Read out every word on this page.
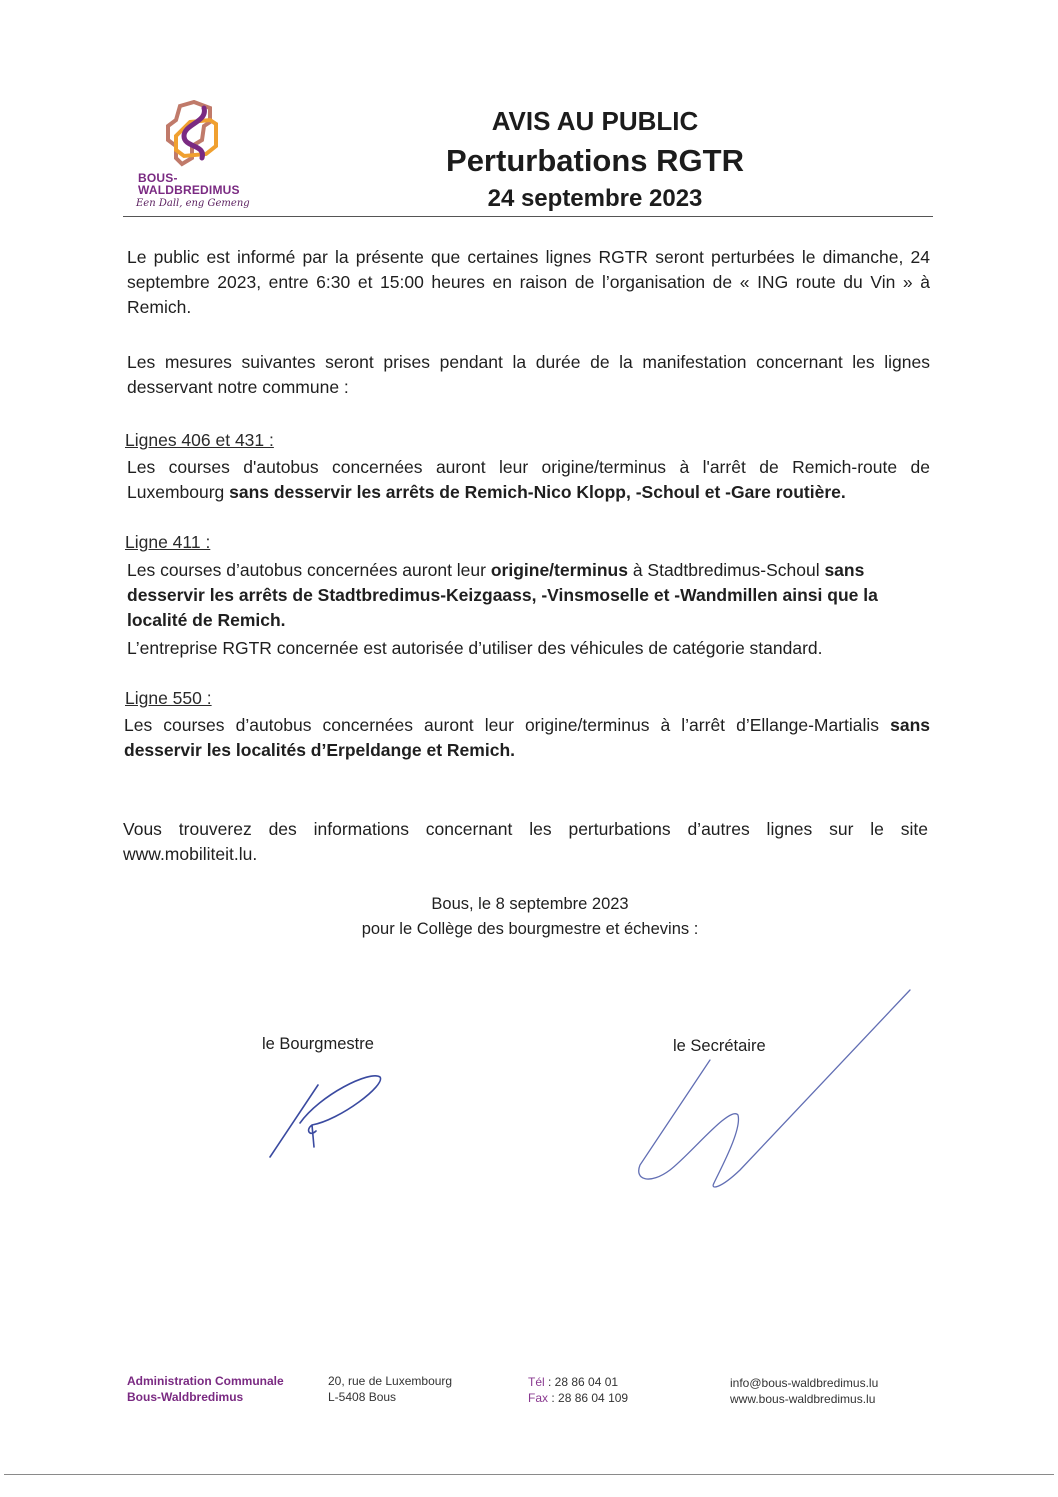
BOUS-
WALDBREDIMUS
Een Dall, eng Gemeng
AVIS AU PUBLIC
Perturbations RGTR
24 septembre 2023
Le public est informé par la présente que certaines lignes RGTR seront perturbées le dimanche, 24 septembre 2023, entre 6:30 et 15:00 heures en raison de l’organisation de « ING route du Vin » à Remich.
Les mesures suivantes seront prises pendant la durée de la manifestation concernant les lignes desservant notre commune :
Lignes 406 et 431 :
Les courses d'autobus concernées auront leur origine/terminus à l'arrêt de Remich-route de Luxembourg sans desservir les arrêts de Remich-Nico Klopp, -Schoul et -Gare routière.
Ligne 411 :
Les courses d’autobus concernées auront leur origine/terminus à Stadtbredimus-Schoul sans desservir les arrêts de Stadtbredimus-Keizgaass, -Vinsmoselle et -Wandmillen ainsi que la localité de Remich.
L’entreprise RGTR concernée est autorisée d’utiliser des véhicules de catégorie standard.
Ligne 550 :
Les courses d’autobus concernées auront leur origine/terminus à l’arrêt d’Ellange-Martialis sans desservir les localités d’Erpeldange et Remich.
Vous trouverez des informations concernant les perturbations d’autres lignes sur le site www.mobiliteit.lu.
Bous, le 8 septembre 2023
pour le Collège des bourgmestre et échevins :
le Bourgmestre	le Secrétaire
Administration Communale
Bous-Waldbredimus
20, rue de Luxembourg
L-5408 Bous
Tél : 28 86 04 01
Fax : 28 86 04 109
info@bous-waldbredimus.lu
www.bous-waldbredimus.lu
